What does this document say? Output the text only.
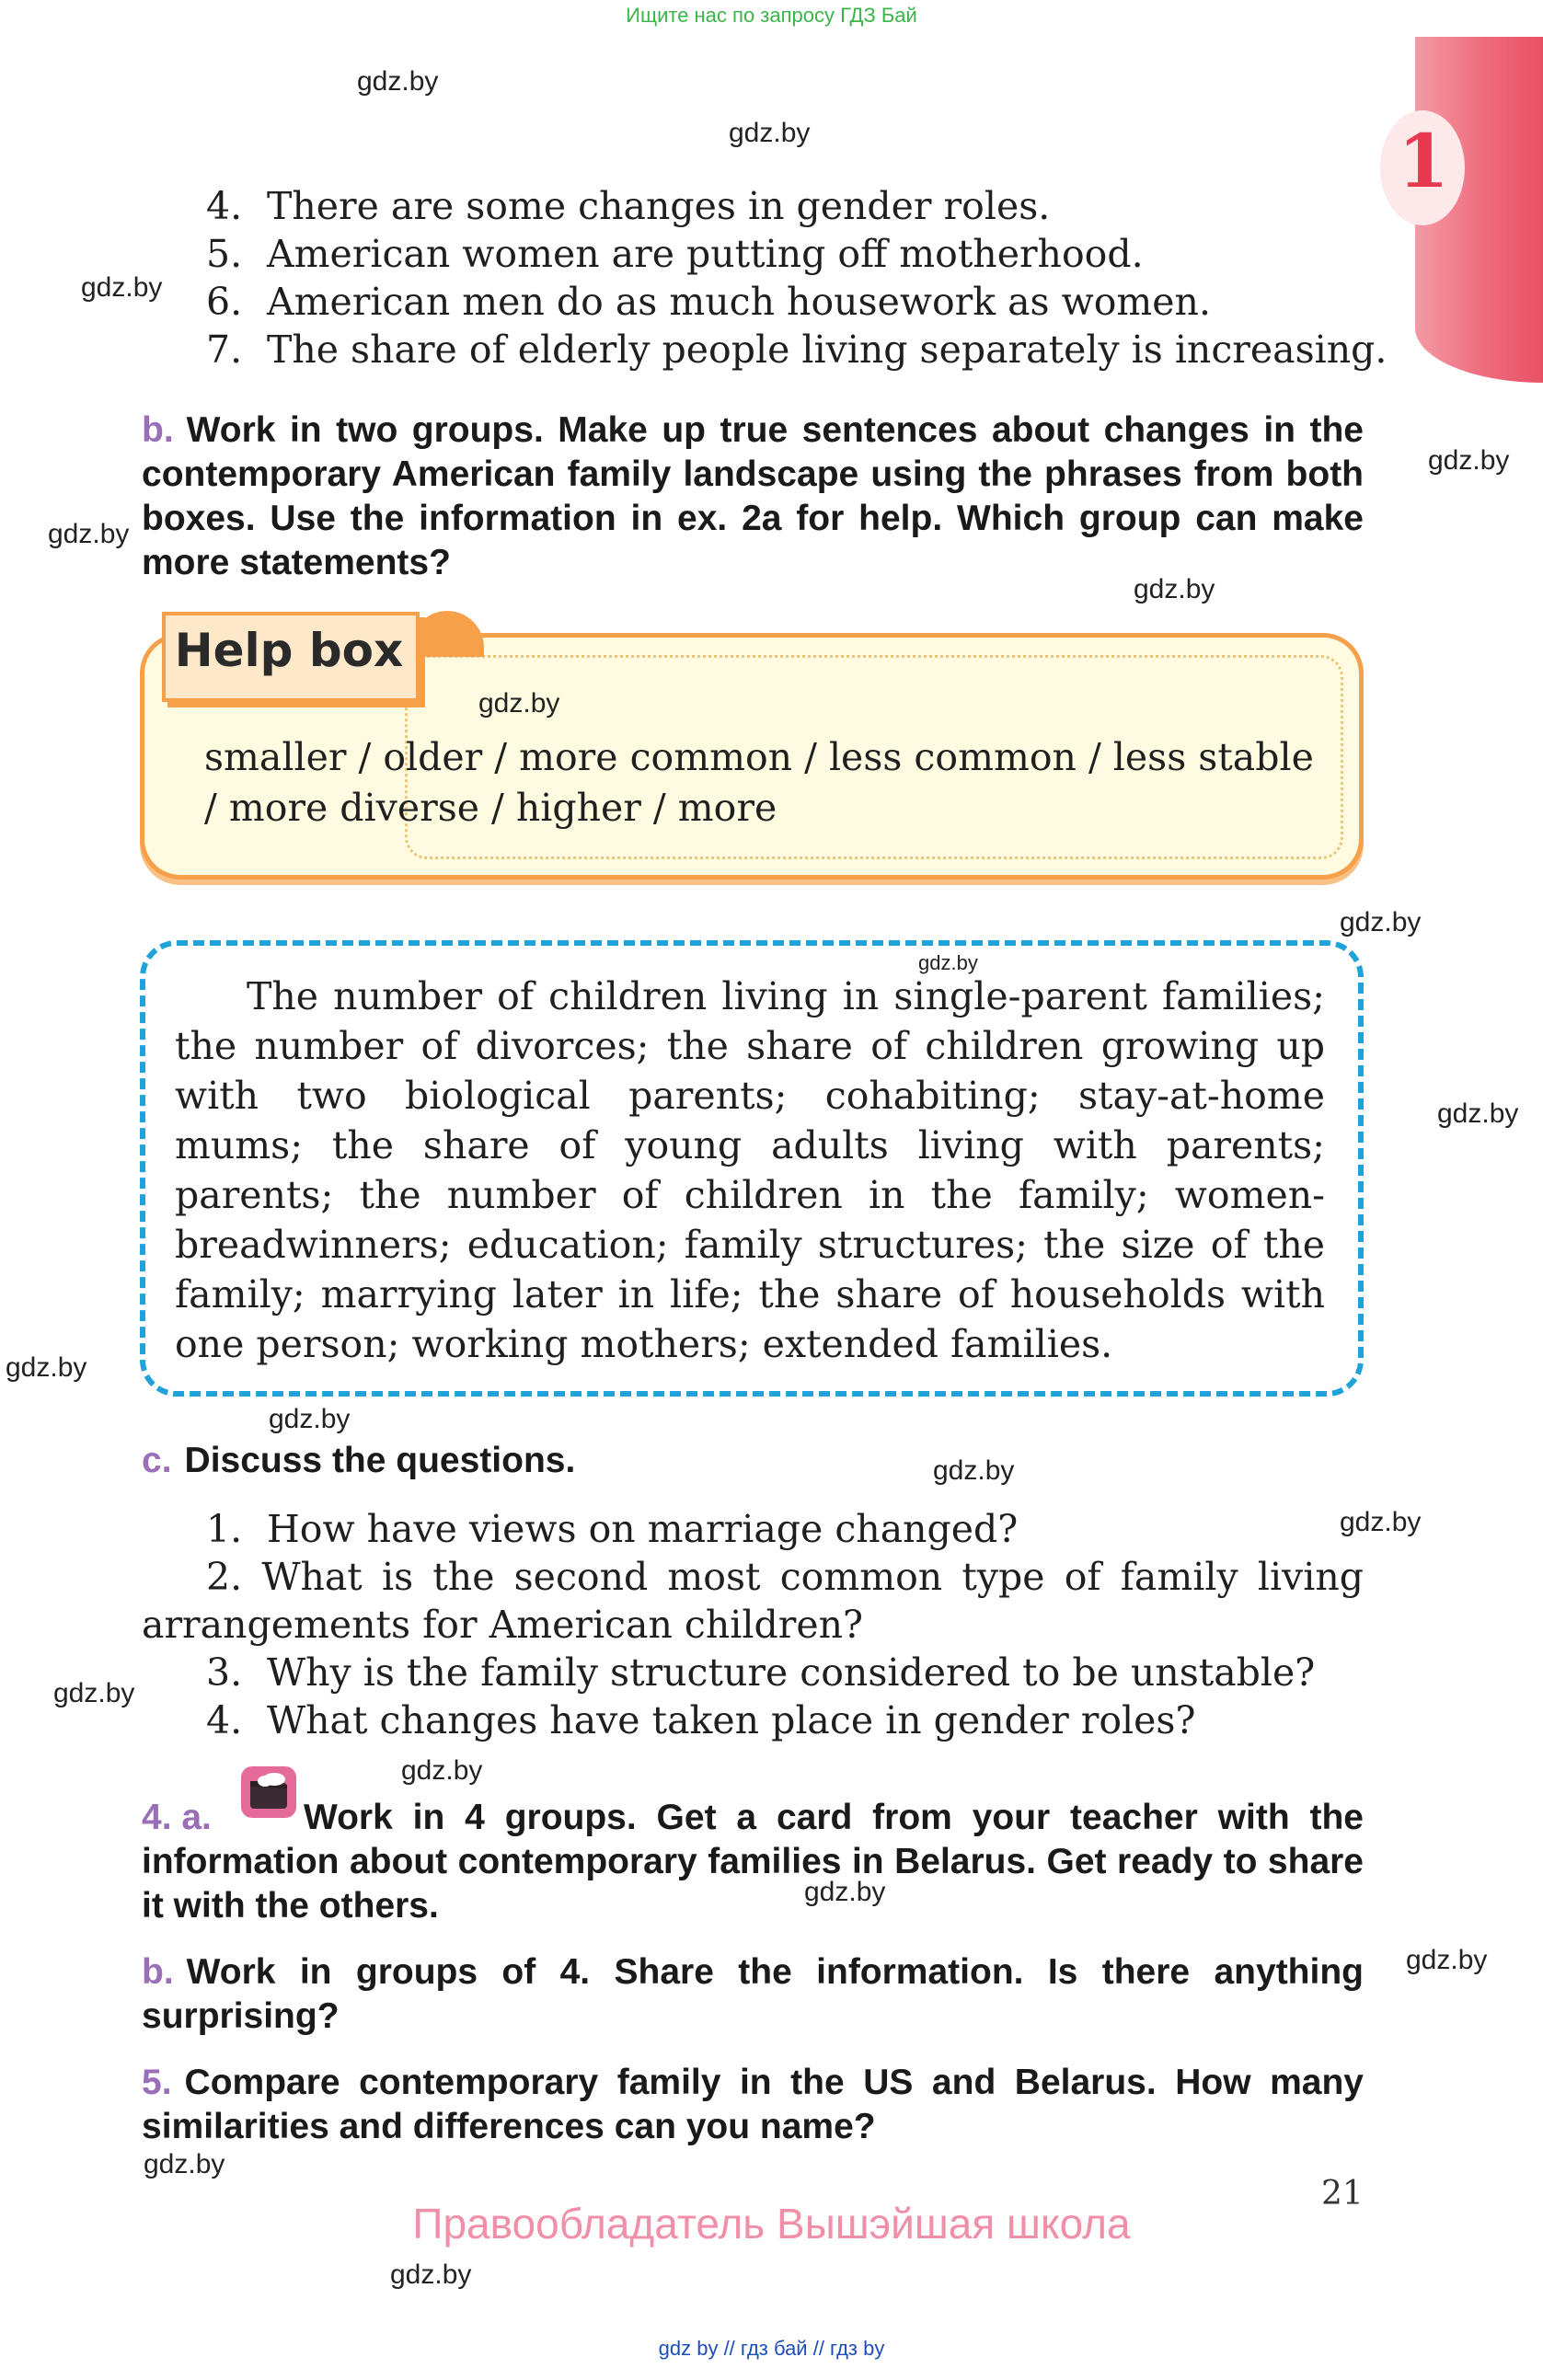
Ищите нас по запросу ГДЗ Бай
1
4. There are some changes in gender roles.
5. American women are putting off motherhood.
6. American men do as much housework as women.
7. The share of elderly people living separately is increasing.
b. Work in two groups. Make up true sentences about changes in the contemporary American family landscape using the phrases from both boxes. Use the information in ex. 2a for help. Which group can make more statements?
Help box
smaller / older / more common / less common / less stable / more diverse / higher / more
The number of children living in single-parent families; the number of divorces; the share of children growing up with two biological parents; cohabiting; stay-at-home mums; the share of young adults living with parents; parents; the number of children in the family; women-breadwinners; education; family structures; the size of the family; marrying later in life; the share of households with one person; working mothers; extended families.
c. Discuss the questions.
1. How have views on marriage changed?
2. What is the second most common type of family living arrangements for American children?
3. Why is the family structure considered to be unstable?
4. What changes have taken place in gender roles?
4. a.	Work in 4 groups. Get a card from your teacher with the information about contemporary families in Belarus. Get ready to share it with the others.
b. Work in groups of 4. Share the information. Is there anything surprising?
5. Compare contemporary family in the US and Belarus. How many similarities and differences can you name?
21
Правообладатель Вышэйшая школа
gdz.by
gdz.by
gdz.by
gdz.by
gdz.by
gdz.by
gdz.by
gdz.by
gdz.by
gdz.by
gdz.by
gdz.by
gdz.by
gdz.by
gdz.by
gdz.by
gdz.by
gdz.by
gdz.by
gdz.by
gdz by // гдз бай // гдз by
